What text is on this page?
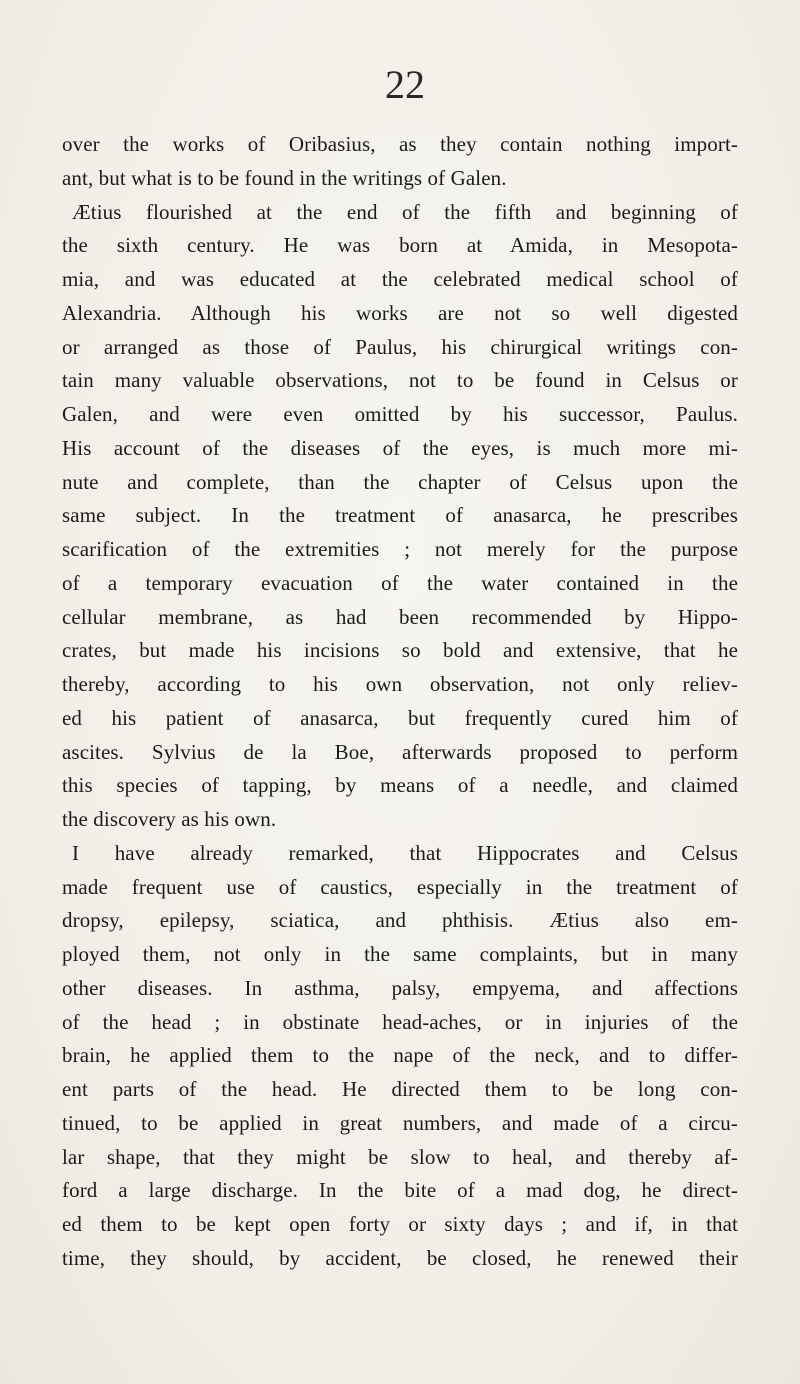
22
over the works of Oribasius, as they contain nothing import-
ant, but what is to be found in the writings of Galen.
Ætius flourished at the end of the fifth and beginning of
the sixth century. He was born at Amida, in Mesopota-
mia, and was educated at the celebrated medical school of
Alexandria. Although his works are not so well digested
or arranged as those of Paulus, his chirurgical writings con-
tain many valuable observations, not to be found in Celsus or
Galen, and were even omitted by his successor, Paulus.
His account of the diseases of the eyes, is much more mi-
nute and complete, than the chapter of Celsus upon the
same subject. In the treatment of anasarca, he prescribes
scarification of the extremities ; not merely for the purpose
of a temporary evacuation of the water contained in the
cellular membrane, as had been recommended by Hippo-
crates, but made his incisions so bold and extensive, that he
thereby, according to his own observation, not only reliev-
ed his patient of anasarca, but frequently cured him of
ascites. Sylvius de la Boe, afterwards proposed to perform
this species of tapping, by means of a needle, and claimed
the discovery as his own.
I have already remarked, that Hippocrates and Celsus
made frequent use of caustics, especially in the treatment of
dropsy, epilepsy, sciatica, and phthisis. Ætius also em-
ployed them, not only in the same complaints, but in many
other diseases. In asthma, palsy, empyema, and affections
of the head ; in obstinate head-aches, or in injuries of the
brain, he applied them to the nape of the neck, and to differ-
ent parts of the head. He directed them to be long con-
tinued, to be applied in great numbers, and made of a circu-
lar shape, that they might be slow to heal, and thereby af-
ford a large discharge. In the bite of a mad dog, he direct-
ed them to be kept open forty or sixty days ; and if, in that
time, they should, by accident, be closed, he renewed their
